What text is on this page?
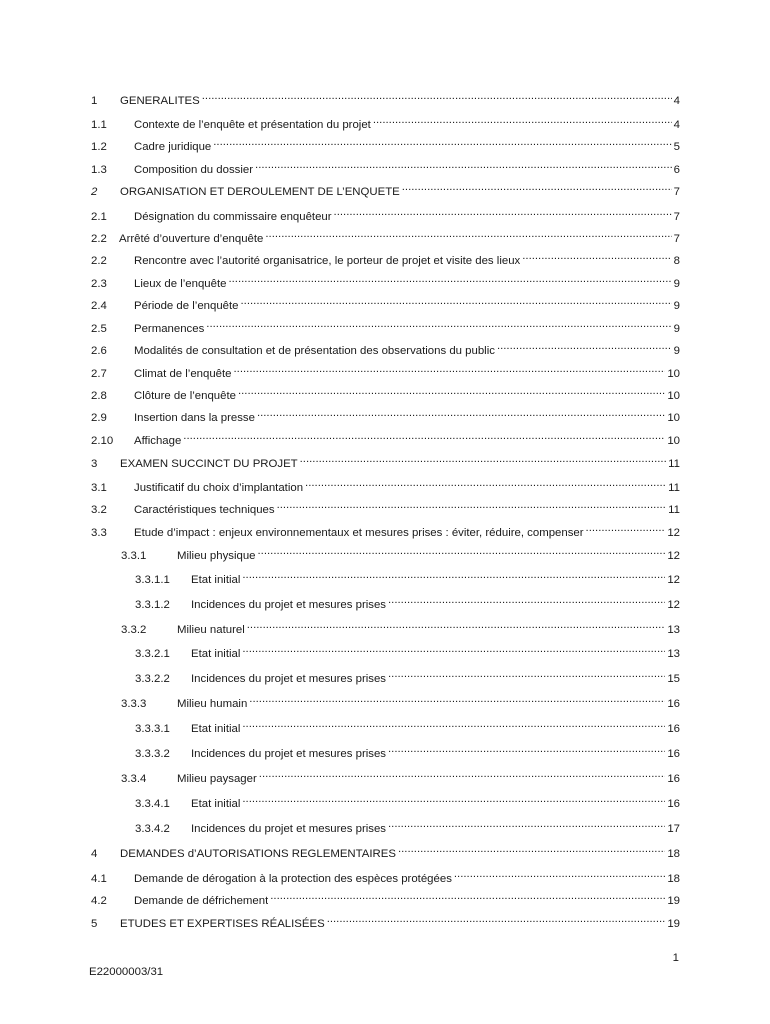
1	GENERALITES .....	4
1.1	Contexte de l’enquête et présentation du projet .....	4
1.2	Cadre juridique .....	5
1.3	Composition du dossier .....	6
2	ORGANISATION ET DEROULEMENT DE L’ENQUETE .....	7
2.1	Désignation du commissaire enquêteur .....	7
2.2	Arrêté d’ouverture d’enquête .....	7
2.2	Rencontre avec l’autorité organisatrice, le porteur de projet et visite des lieux .....	8
2.3	Lieux de l’enquête .....	9
2.4	Période de l’enquête .....	9
2.5	Permanences .....	9
2.6	Modalités de consultation et de présentation des observations du public .....	9
2.7	Climat de l’enquête .....	10
2.8	Clôture de l’enquête .....	10
2.9	Insertion dans la presse .....	10
2.10	Affichage .....	10
3	EXAMEN SUCCINCT DU PROJET .....	11
3.1	Justificatif du choix d’implantation .....	11
3.2	Caractéristiques techniques .....	11
3.3	Etude d’impact : enjeux environnementaux et mesures prises : éviter, réduire, compenser .....	12
3.3.1	Milieu physique .....	12
3.3.1.1	Etat initial .....	12
3.3.1.2	Incidences du projet et mesures prises .....	12
3.3.2	Milieu naturel .....	13
3.3.2.1	Etat initial .....	13
3.3.2.2	Incidences du projet et mesures prises .....	15
3.3.3	Milieu humain .....	16
3.3.3.1	Etat initial .....	16
3.3.3.2	Incidences du projet et mesures prises .....	16
3.3.4	Milieu paysager .....	16
3.3.4.1	Etat initial .....	16
3.3.4.2	Incidences du projet et mesures prises .....	17
4	DEMANDES d’AUTORISATIONS REGLEMENTAIRES .....	18
4.1	Demande de dérogation à la protection des espèces protégées .....	18
4.2	Demande de défrichement .....	19
5	ETUDES ET EXPERTISES RÉALISÉES .....	19
1
E22000003/31
